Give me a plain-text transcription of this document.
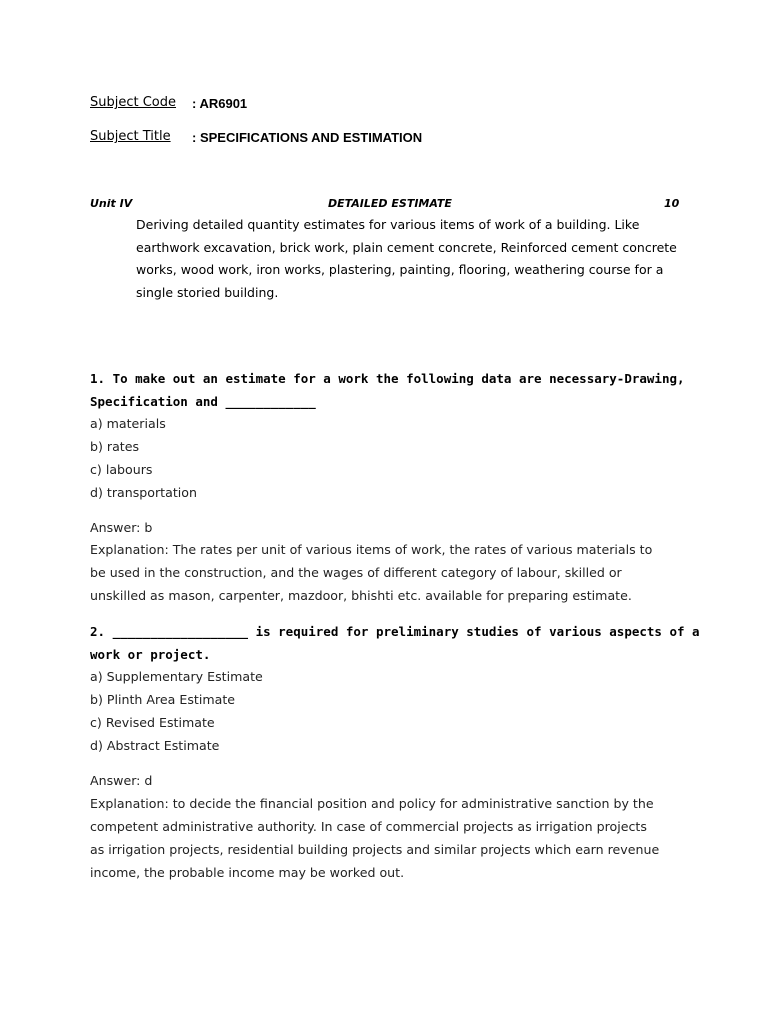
Subject Code : AR6901
Subject Title : SPECIFICATIONS AND ESTIMATION
Unit IV	DETAILED ESTIMATE	10
Deriving detailed quantity estimates for various items of work of a building. Like
earthwork excavation, brick work, plain cement concrete, Reinforced cement concrete
works, wood work, iron works, plastering, painting, flooring, weathering course for a
single storied building.
1. To make out an estimate for a work the following data are necessary-Drawing,
Specification and ____________
a) materials
b) rates
c) labours
d) transportation
Answer: b
Explanation: The rates per unit of various items of work, the rates of various materials to
be used in the construction, and the wages of different category of labour, skilled or
unskilled as mason, carpenter, mazdoor, bhishti etc. available for preparing estimate.
2. __________________ is required for preliminary studies of various aspects of a
work or project.
a) Supplementary Estimate
b) Plinth Area Estimate
c) Revised Estimate
d) Abstract Estimate
Answer: d
Explanation: to decide the financial position and policy for administrative sanction by the
competent administrative authority. In case of commercial projects as irrigation projects
as irrigation projects, residential building projects and similar projects which earn revenue
income, the probable income may be worked out.
